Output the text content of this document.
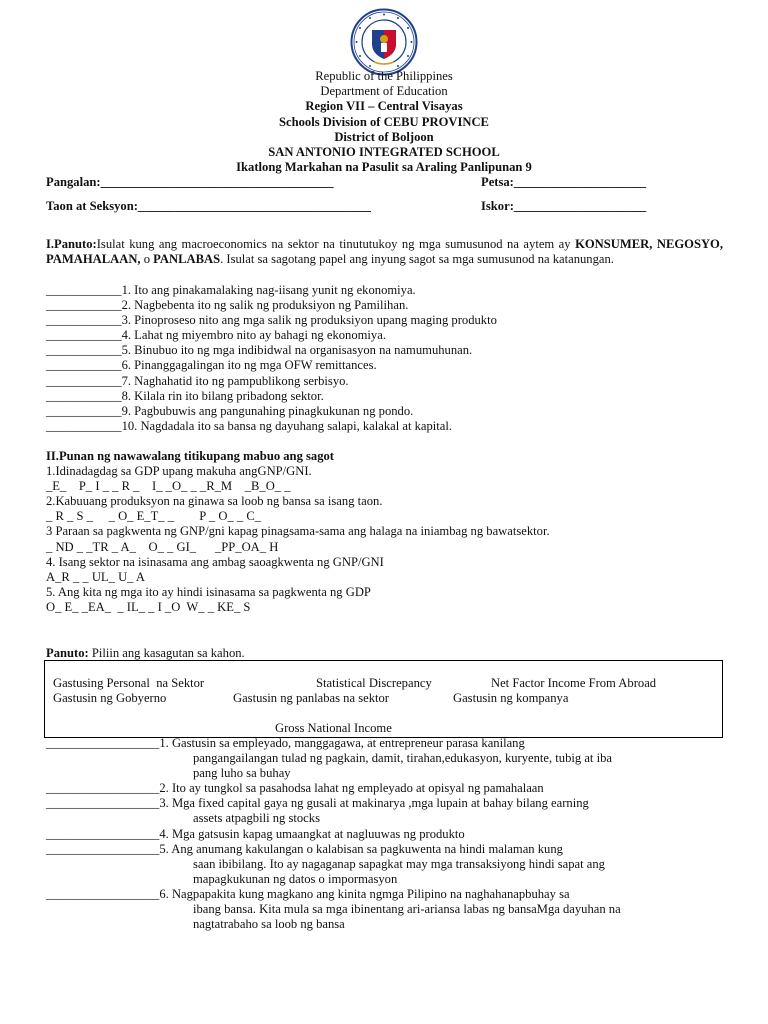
Republic of the Philippines
Department of Education
Region VII – Central Visayas
Schools Division of CEBU PROVINCE
District of Boljoon
SAN ANTONIO INTEGRATED SCHOOL
Ikatlong Markahan na Pasulit sa Araling Panlipunan 9
Pangalan:_____________________________________	Petsa:_____________________
Taon at Seksyon:_____________________________________	Iskor:_____________________
I.Panuto:Isulat kung ang macroeconomics na sektor na tinututukoy ng mga sumusunod na aytem ay KONSUMER, NEGOSYO, PAMAHALAAN, o PANLABAS. Isulat sa sagotang papel ang inyung sagot sa mga sumusunod na katanungan.
____________1. Ito ang pinakamalaking nag-iisang yunit ng ekonomiya.
____________2. Nagbebenta ito ng salik ng produksiyon ng Pamilihan.
____________3. Pinoproseso nito ang mga salik ng produksiyon upang maging produkto
____________4. Lahat ng miyembro nito ay bahagi ng ekonomiya.
____________5. Binubuo ito ng mga indibidwal na organisasyon na namumuhunan.
____________6. Pinanggagalingan ito ng mga OFW remittances.
____________7. Naghahatid ito ng pampublikong serbisyo.
____________8. Kilala rin ito bilang pribadong sektor.
____________9. Pagbubuwis ang pangunahing pinagkukunan ng pondo.
____________10. Nagdadala ito sa bansa ng dayuhang salapi, kalakal at kapital.
II.Punan ng nawawalang titikupang mabuo ang sagot
1.Idinadagdag sa GDP upang makuha angGNP/GNI.
_E_    P_ I _ _ R _    I_ _O_ _ _R_M    _B_O_ _
2.Kabuuang produksyon na ginawa sa loob ng bansa sa isang taon.
_ R _ S _     _ O_ E_T_ _        P _ O_ _ C_
3 Paraan sa pagkwenta ng GNP/gni kapag pinagsama-sama ang halaga na iniambag ng bawatsektor.
_ ND _ _TR _ A_    O_ _ GI_      _PP_OA_ H
4. Isang sektor na isinasama ang ambag saoagkwenta ng GNP/GNI
A_R _ _ UL_ U_ A
5. Ang kita ng mga ito ay hindi isinasama sa pagkwenta ng GDP
O_ E_ _EA_  _ IL_ _ I _O  W_ _ KE_ S
Panuto: Piliin ang kasagutan sa kahon.
Gastusing Personal  na Sektor	Statistical Discrepancy	Net Factor Income From Abroad
Gastusin ng Gobyerno	Gastusin ng panlabas na sektor	Gastusin ng kompanya
Gross National Income
__________________1. Gastusin sa empleyado, manggagawa, at entrepreneur parasa kanilang
pangangailangan tulad ng pagkain, damit, tirahan,edukasyon, kuryente, tubig at iba
pang luho sa buhay
__________________2. Ito ay tungkol sa pasahodsa lahat ng empleyado at opisyal ng pamahalaan
__________________3. Mga fixed capital gaya ng gusali at makinarya ,mga lupain at bahay bilang earning
assets atpagbili ng stocks
__________________4. Mga gatsusin kapag umaangkat at nagluuwas ng produkto
__________________5. Ang anumang kakulangan o kalabisan sa pagkuwenta na hindi malaman kung
saan ibibilang. Ito ay nagaganap sapagkat may mga transaksiyong hindi sapat ang
mapagkukunan ng datos o impormasyon
__________________6. Nagpapakita kung magkano ang kinita ngmga Pilipino na naghahanapbuhay sa
ibang bansa. Kita mula sa mga ibinentang ari-ariansa labas ng bansaMga dayuhan na
nagtatrabaho sa loob ng bansa
